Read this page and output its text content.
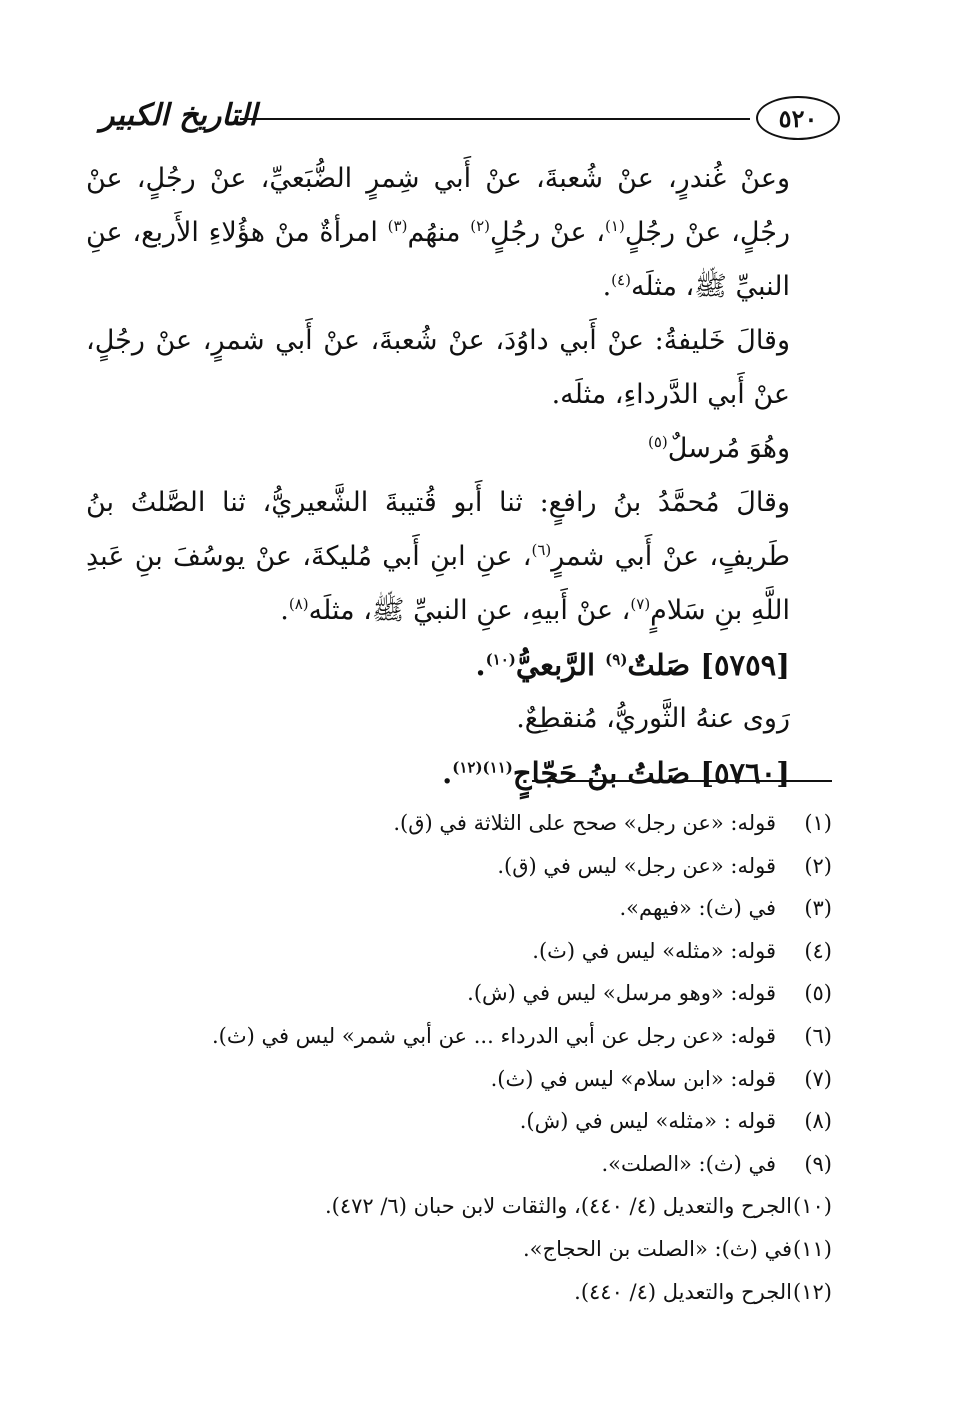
٥٢٠
التاريخ الكبير

وعنْ غُندرٍ، عنْ شُعبةَ، عنْ أَبي شِمرٍ الضُّبَعيِّ، عنْ رجُلٍ، عنْ رجُلٍ، عنْ رجُلٍ$^{(١)}$، عنْ رجُلٍ$^{(٢)}$ منهُم$^{(٣)}$ امرأةٌ منْ هؤُلاءِ الأَربع، عنِ النبيِّ ﷺ، مثلَه$^{(٤)}$.

وقالَ خَليفةُ: عنْ أَبي داوُدَ، عنْ شُعبةَ، عنْ أَبي شمرٍ، عنْ رجُلٍ، عنْ أَبي الدَّرداءِ، مثلَه.

وهُوَ مُرسلٌ$^{(٥)}$

وقالَ مُحمَّدُ بنُ رافعٍ: ثنا أَبو قُتيبةَ الشَّعيريُّ، ثنا الصَّلتُ بنُ طَريفٍ، عنْ أَبي شمرٍ$^{(٦)}$، عنِ ابنِ أَبي مُليكةَ، عنْ يوسُفَ بنِ عَبدِ اللَّهِ بنِ سَلامٍ$^{(٧)}$، عنْ أَبيهِ، عنِ النبيِّ ﷺ، مثلَه$^{(٨)}$.

[٥٧٥٩] صَلتٌ$^{(٩)}$ الرَّبعيُّ$^{(١٠)}$.

رَوى عنهُ الثَّوريُّ، مُنقطِعٌ.

[٥٧٦٠] صَلتُ بنُ حَجّاجٍ$^{(١١)(١٢)}$.

(١)
قوله: «عن رجل» صحح على الثلاثة في (ق).
(٢)
قوله: «عن رجل» ليس في (ق).
(٣)
في (ث): «فيهم».
(٤)
قوله: «مثله» ليس في (ث).
(٥)
قوله: «وهو مرسل» ليس في (ش).
(٦)
قوله: «عن رجل عن أبي الدرداء ... عن أبي شمر» ليس في (ث).
(٧)
قوله: «ابن سلام» ليس في (ث).
(٨)
قوله : «مثله» ليس في (ش).
(٩)
في (ث): «الصلت».
(١٠)
الجرح والتعديل (٤/ ٤٤٠)، والثقات لابن حبان (٦/ ٤٧٢).
(١١)
في (ث): «الصلت بن الحجاج».
(١٢)
الجرح والتعديل (٤/ ٤٤٠).
